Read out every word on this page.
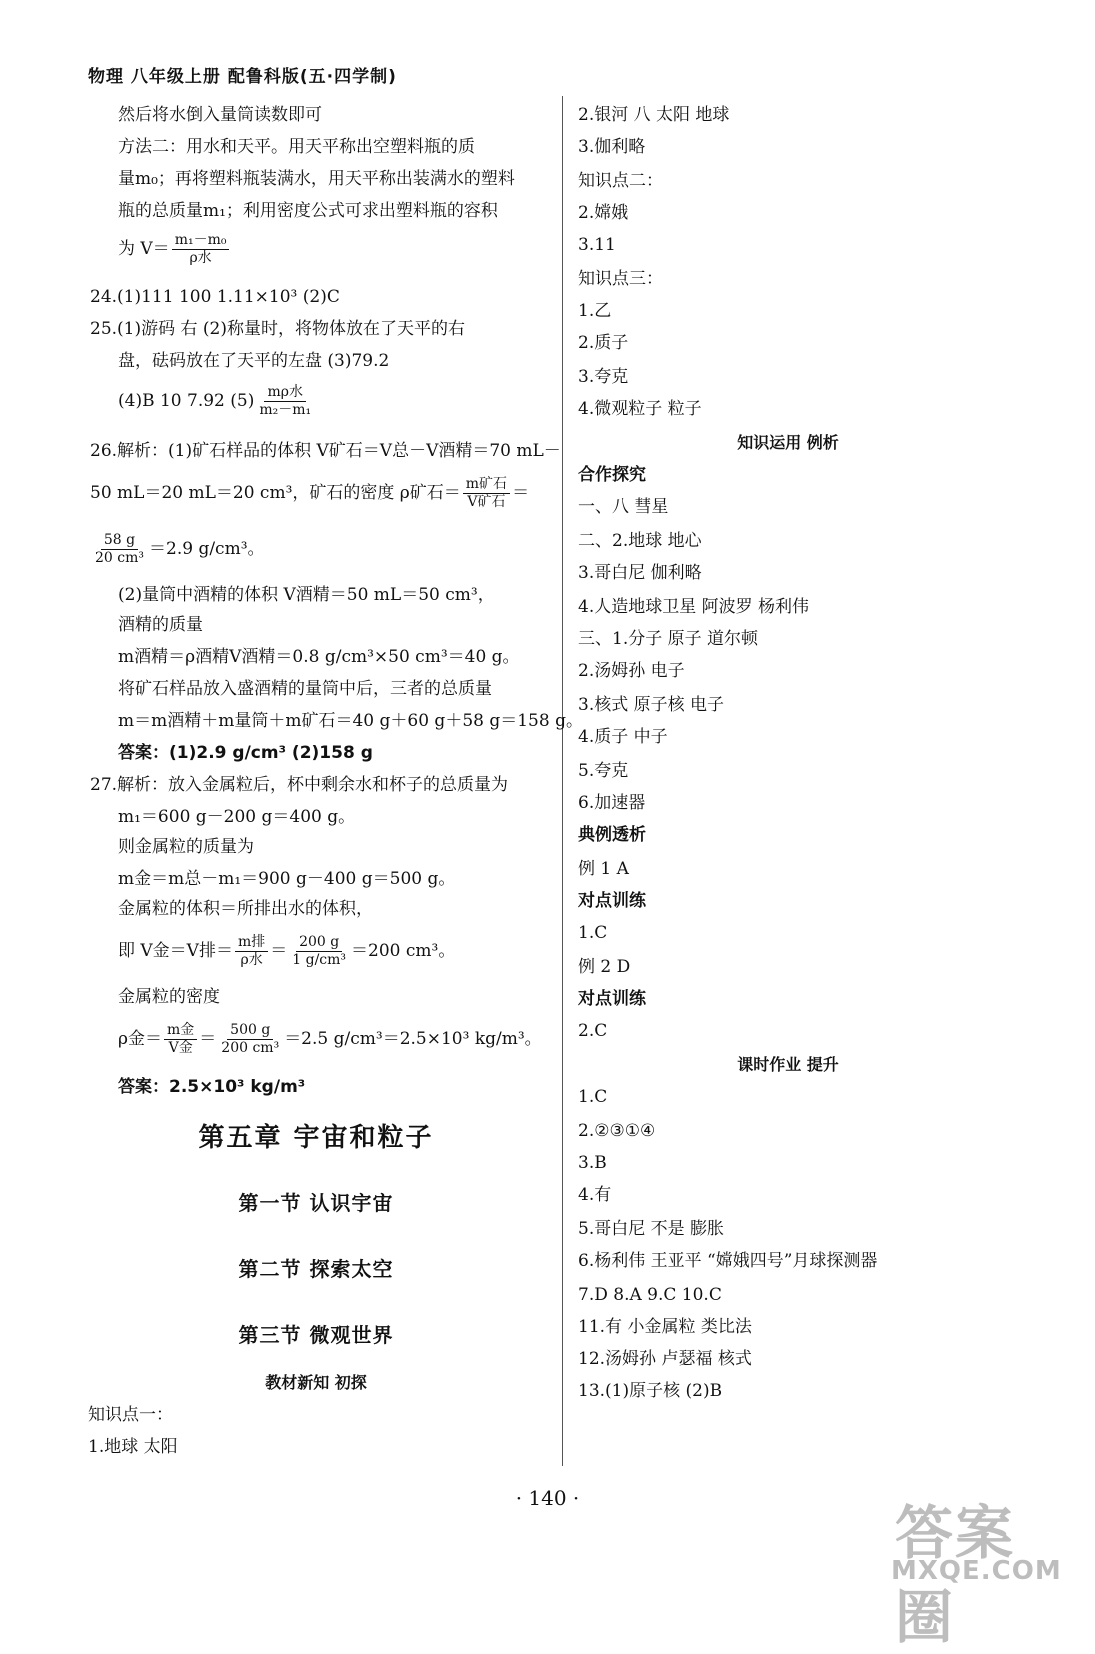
物理 八年级上册 配鲁科版(五·四学制)
然后将水倒入量筒读数即可
方法二：用水和天平。用天平称出空塑料瓶的质
量m₀；再将塑料瓶装满水，用天平称出装满水的塑料
瓶的总质量m₁；利用密度公式可求出塑料瓶的容积
为 $V= \frac{\text{m₁－m₀}}{\text{ρ水}}$
24.(1)111 100 1.11×10³ (2)C
25.(1)游码 右 (2)称量时，将物体放在了天平的右
盘，砝码放在了天平的左盘 (3)79.2
(4)B 10 7.92 $(5) \frac{\text{mρ水}}{\text{m₂－m₁}}$
26.解析：(1)矿石样品的体积 V矿石＝V总－V酒精＝70 mL－
50 mL＝20 mL＝20 cm³，矿石的密度 ρ矿石＝ $\frac{\text{m矿石}}{\text{V矿石}}$ ＝
$\frac{58 g}{\text{20 cm³}} =2.9$ g/cm³。
(2)量筒中酒精的体积 V酒精＝50 mL＝50 cm³，
酒精的质量
m酒精＝ρ酒精V酒精＝0.8 g/cm³×50 cm³＝40 g。
将矿石样品放入盛酒精的量筒中后，三者的总质量
m＝m酒精＋m量筒＋m矿石＝40 g＋60 g＋58 g＝158 g。
答案：(1)2.9 g/cm³ (2)158 g
27.解析：放入金属粒后，杯中剩余水和杯子的总质量为
m₁＝600 g－200 g＝400 g。
则金属粒的质量为
m金＝m总－m₁＝900 g－400 g＝500 g。
金属粒的体积＝所排出水的体积，
即 V金＝V排＝ $\frac{\text{m排}}{\text{ρ水}} = \frac{200 g}{\text{1 g/cm³}} =200$ cm³。
金属粒的密度
ρ金＝ $\frac{\text{m金}}{\text{V金}} = \frac{500 g}{\text{200 cm³}} =2.5$ g/cm³＝2.5×10³ kg/m³。
答案：2.5×10³ kg/m³
第五章 宇宙和粒子
第一节 认识宇宙
第二节 探索太空
第三节 微观世界
教材新知 初探
知识点一：
1.地球 太阳
2.银河 八 太阳 地球
3.伽利略
知识点二：
2.嫦娥
3.11
知识点三：
1.乙
2.质子
3.夸克
4.微观粒子 粒子
知识运用 例析
合作探究
一、八 彗星
二、2.地球 地心
3.哥白尼 伽利略
4.人造地球卫星 阿波罗 杨利伟
三、1.分子 原子 道尔顿
2.汤姆孙 电子
3.核式 原子核 电子
4.质子 中子
5.夸克
6.加速器
典例透析
例 1 A
对点训练
1.C
例 2 D
对点训练
2.C
课时作业 提升
1.C
2.②③①④
3.B
4.有
5.哥白尼 不是 膨胀
6.杨利伟 王亚平 “嫦娥四号”月球探测器
7.D 8.A 9.C 10.C
11.有 小金属粒 类比法
12.汤姆孙 卢瑟福 核式
13.(1)原子核 (2)B
· 140 ·
答案圈
MXQE.COM
